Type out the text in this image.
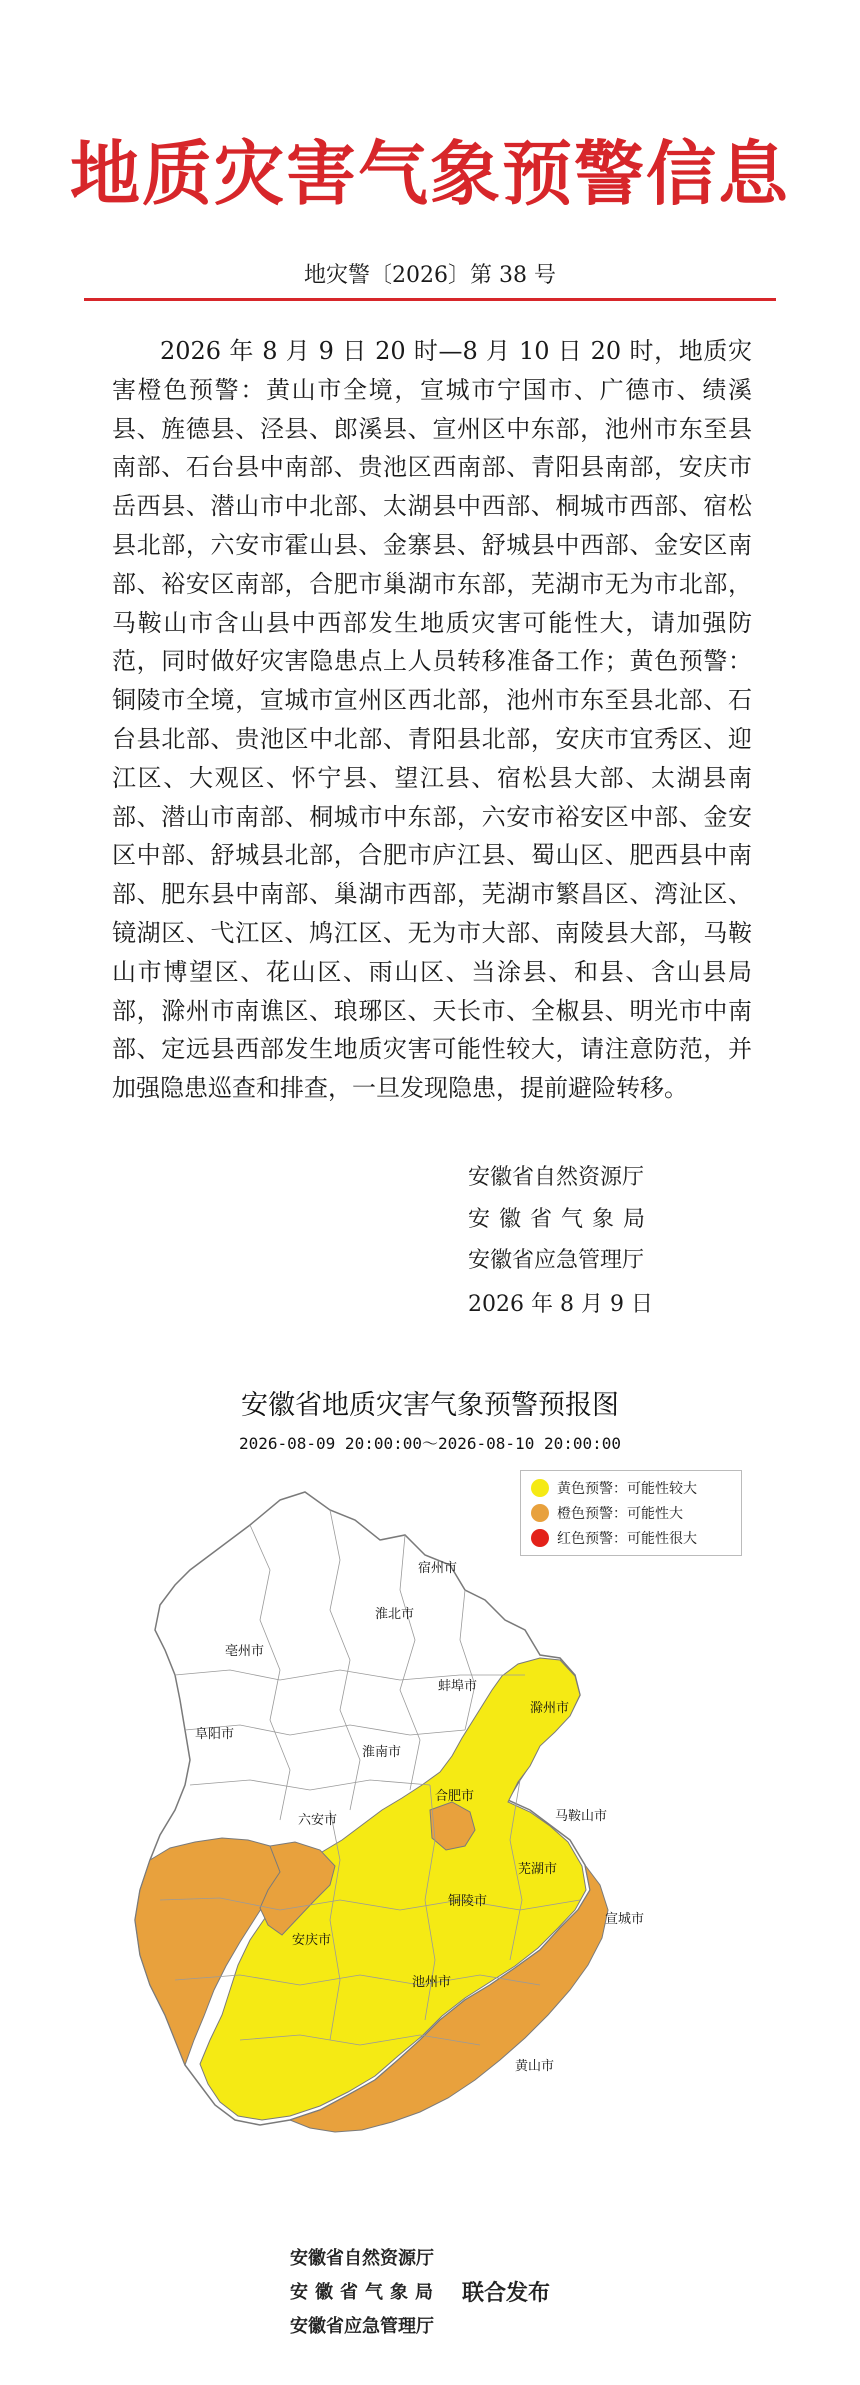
地质灾害气象预警信息
地灾警〔2026〕第 38 号
2026 年 8 月 9 日 20 时—8 月 10 日 20 时，地质灾害橙色预警：黄山市全境，宣城市宁国市、广德市、绩溪县、旌德县、泾县、郎溪县、宣州区中东部，池州市东至县南部、石台县中南部、贵池区西南部、青阳县南部，安庆市岳西县、潜山市中北部、太湖县中西部、桐城市西部、宿松县北部，六安市霍山县、金寨县、舒城县中西部、金安区南部、裕安区南部，合肥市巢湖市东部，芜湖市无为市北部，马鞍山市含山县中西部发生地质灾害可能性大，请加强防范，同时做好灾害隐患点上人员转移准备工作；黄色预警：铜陵市全境，宣城市宣州区西北部，池州市东至县北部、石台县北部、贵池区中北部、青阳县北部，安庆市宜秀区、迎江区、大观区、怀宁县、望江县、宿松县大部、太湖县南部、潜山市南部、桐城市中东部，六安市裕安区中部、金安区中部、舒城县北部，合肥市庐江县、蜀山区、肥西县中南部、肥东县中南部、巢湖市西部，芜湖市繁昌区、湾沚区、镜湖区、弋江区、鸠江区、无为市大部、南陵县大部，马鞍山市博望区、花山区、雨山区、当涂县、和县、含山县局部，滁州市南谯区、琅琊区、天长市、全椒县、明光市中南部、定远县西部发生地质灾害可能性较大，请注意防范，并加强隐患巡查和排查，一旦发现隐患，提前避险转移。
安徽省自然资源厅
安徽省气象局
安徽省应急管理厅
2026 年 8 月 9 日
安徽省地质灾害气象预警预报图
2026-08-09 20:00:00～2026-08-10 20:00:00
宿州市
淮北市
亳州市
蚌埠市
阜阳市
淮南市
滁州市
合肥市
六安市	马鞍山市
芜湖市
铜陵市
安庆市
池州市
宣城市
黄山市
黄色预警：可能性较大
橙色预警：可能性大
红色预警：可能性很大
安徽省自然资源厅
安徽省气象局
安徽省应急管理厅
联合发布
